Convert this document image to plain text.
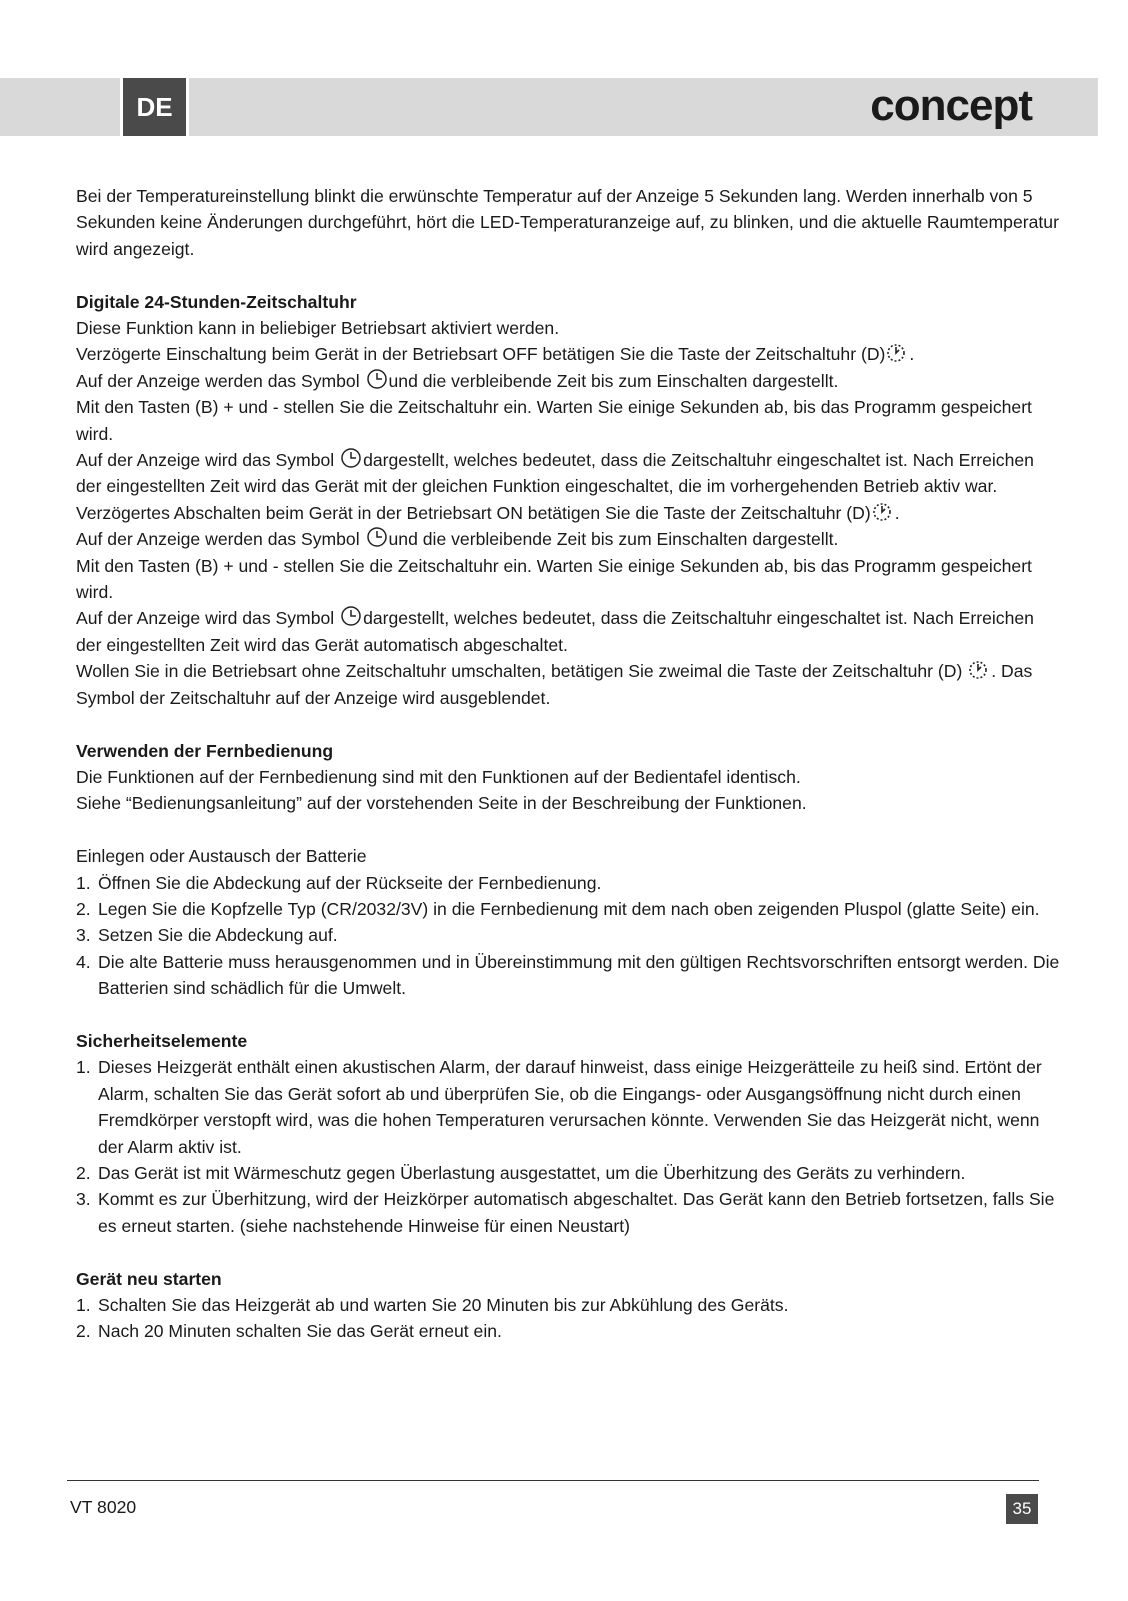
DE	concept

Bei der Temperatureinstellung blinkt die erwünschte Temperatur auf der Anzeige 5 Sekunden lang. Werden innerhalb von 5 Sekunden keine Änderungen durchgeführt, hört die LED-Temperaturanzeige auf, zu blinken, und die aktuelle Raumtemperatur wird angezeigt.

Digitale 24-Stunden-Zeitschaltuhr

Diese Funktion kann in beliebiger Betriebsart aktiviert werden.

Verzögerte Einschaltung beim Gerät in der Betriebsart OFF betätigen Sie die Taste der Zeitschaltuhr (D) .

Auf der Anzeige werden das Symbol und die verbleibende Zeit bis zum Einschalten dargestellt.

Mit den Tasten (B) + und - stellen Sie die Zeitschaltuhr ein. Warten Sie einige Sekunden ab, bis das Programm gespeichert wird.

Auf der Anzeige wird das Symbol dargestellt, welches bedeutet, dass die Zeitschaltuhr eingeschaltet ist. Nach Erreichen der eingestellten Zeit wird das Gerät mit der gleichen Funktion eingeschaltet, die im vorhergehenden Betrieb aktiv war.

Verzögertes Abschalten beim Gerät in der Betriebsart ON betätigen Sie die Taste der Zeitschaltuhr (D) .

Auf der Anzeige werden das Symbol und die verbleibende Zeit bis zum Einschalten dargestellt.

Mit den Tasten (B) + und - stellen Sie die Zeitschaltuhr ein. Warten Sie einige Sekunden ab, bis das Programm gespeichert wird.

Auf der Anzeige wird das Symbol dargestellt, welches bedeutet, dass die Zeitschaltuhr eingeschaltet ist. Nach Erreichen der eingestellten Zeit wird das Gerät automatisch abgeschaltet.

Wollen Sie in die Betriebsart ohne Zeitschaltuhr umschalten, betätigen Sie zweimal die Taste der Zeitschaltuhr (D) . Das Symbol der Zeitschaltuhr auf der Anzeige wird ausgeblendet.

Verwenden der Fernbedienung

Die Funktionen auf der Fernbedienung sind mit den Funktionen auf der Bedientafel identisch.

Siehe “Bedienungsanleitung” auf der vorstehenden Seite in der Beschreibung der Funktionen.

Einlegen oder Austausch der Batterie

1. Öffnen Sie die Abdeckung auf der Rückseite der Fernbedienung.
2. Legen Sie die Kopfzelle Typ (CR/2032/3V) in die Fernbedienung mit dem nach oben zeigenden Pluspol (glatte Seite) ein.
3. Setzen Sie die Abdeckung auf.
4. Die alte Batterie muss herausgenommen und in Übereinstimmung mit den gültigen Rechtsvorschriften entsorgt werden. Die Batterien sind schädlich für die Umwelt.

Sicherheitselemente

1. Dieses Heizgerät enthält einen akustischen Alarm, der darauf hinweist, dass einige Heizgerätteile zu heiß sind. Ertönt der Alarm, schalten Sie das Gerät sofort ab und überprüfen Sie, ob die Eingangs- oder Ausgangsöffnung nicht durch einen Fremdkörper verstopft wird, was die hohen Temperaturen verursachen könnte. Verwenden Sie das Heizgerät nicht, wenn der Alarm aktiv ist.
2. Das Gerät ist mit Wärmeschutz gegen Überlastung ausgestattet, um die Überhitzung des Geräts zu verhindern.
3. Kommt es zur Überhitzung, wird der Heizkörper automatisch abgeschaltet. Das Gerät kann den Betrieb fortsetzen, falls Sie es erneut starten. (siehe nachstehende Hinweise für einen Neustart)

Gerät neu starten

1. Schalten Sie das Heizgerät ab und warten Sie 20 Minuten bis zur Abkühlung des Geräts.
2. Nach 20 Minuten schalten Sie das Gerät erneut ein.
VT 8020	35
